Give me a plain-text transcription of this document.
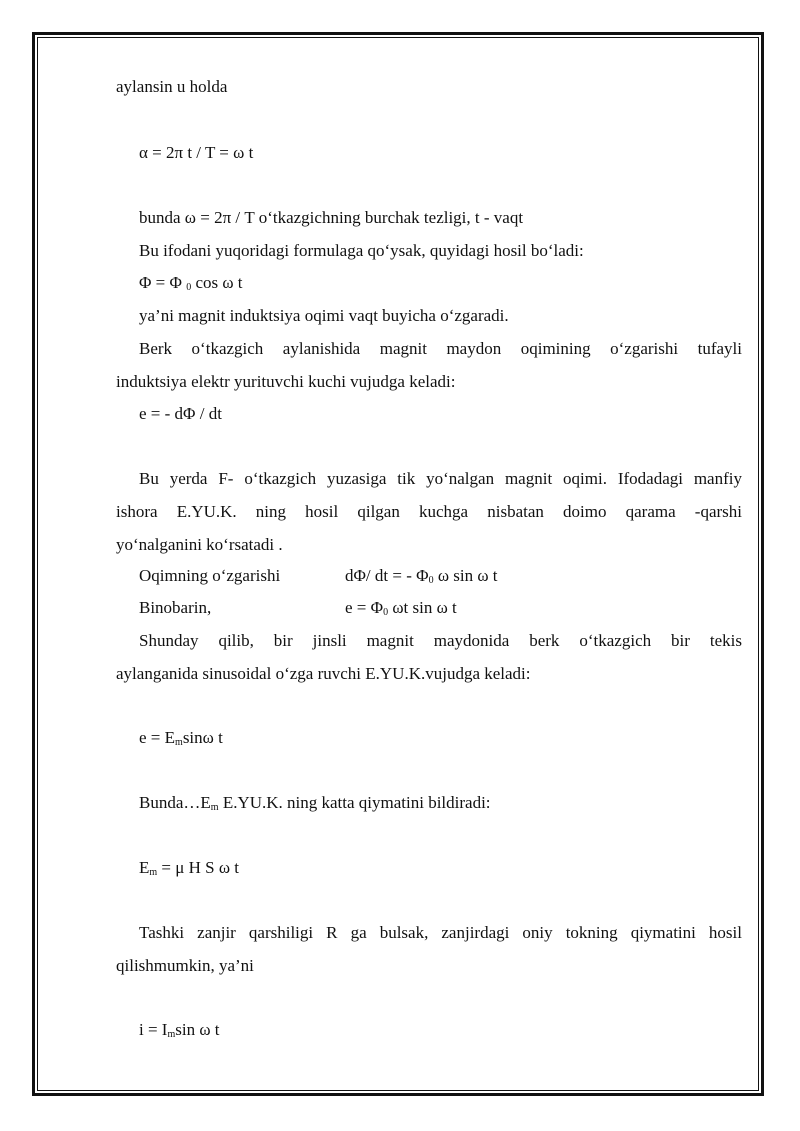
aylansin u holda
α = 2π t / T = ω t
bunda ω = 2π / T o‘tkazgichning burchak tezligi, t - vaqt
Bu ifodani yuqoridagi formulaga qo‘ysak, quyidagi hosil bo‘ladi:
Φ = Φ $_0$ cos ω t
ya’ni magnit induktsiya oqimi vaqt buyicha o‘zgaradi.
Berk o‘tkazgich aylanishida magnit maydon oqimining o‘zgarishi tufayli
induktsiya elektr yurituvchi kuchi vujudga keladi:
e = - dΦ / dt
Bu yerda F- o‘tkazgich yuzasiga tik yo‘nalgan magnit oqimi. Ifodadagi manfiy
ishora E.YU.K. ning hosil qilgan kuchga nisbatan doimo qarama -qarshi
yo‘nalganini ko‘rsatadi .
Oqimning o‘zgarishi	dΦ/ dt = - $\Phi_0$ ω sin ω t
Binobarin,	$e = \Phi_0$ ωt sin ω t
Shunday qilib, bir jinsli magnit maydonida berk o‘tkazgich bir tekis
aylanganida sinusoidal o‘zga ruvchi E.YU.K.vujudga keladi:
$e = E_m\sin\omega$ t
$Bunda\dots E_m$ E.YU.K. ning katta qiymatini bildiradi:
$E_m = \mu$ H S ω t
Tashki zanjir qarshiligi R ga bulsak, zanjirdagi oniy tokning qiymatini hosil
qilishmumkin, ya’ni
$i = I_m\sin$ ω t
